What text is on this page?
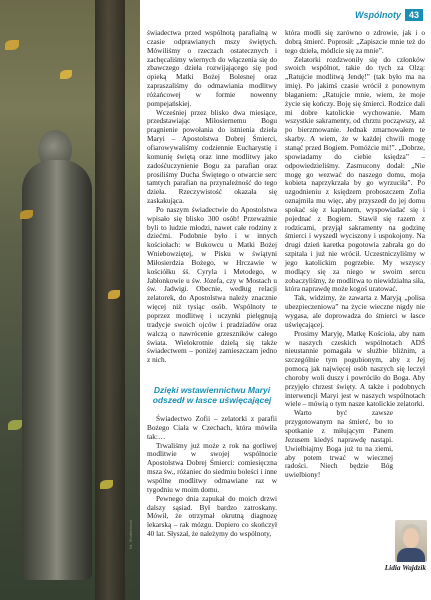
fot. Shutterstock
Wspólnoty 43

świadectwa przed wspólnotą parafialną w czasie odprawianych mszy świętych. Mówiliśmy o rzeczach ostatecznych i zachęcaliśmy wiernych do włączenia się do zbawczego dzieła rozwijającego się pod opieką Matki Bożej Bolesnej oraz zapraszaliśmy do odmawiania modlitwy różańcowej w formie nowenny pompejańskiej.

Wcześniej przez blisko dwa miesiące, przedstawiając Miłosiernemu Bogu pragnienie powołania do istnienia dzieła Maryi – Apostolstwa Dobrej Śmierci, ofiarowywaliśmy codziennie Eucharystię i komunię świętą oraz inne modlitwy jako zadośćuczynienie Bogu za parafian oraz prosiliśmy Ducha Świętego o otwarcie serc tamtych parafian na przynależność do tego dzieła. Rzeczywistość okazała się zaskakująca.

Po naszym świadectwie do Apostolstwa wpisało się blisko 300 osób! Przeważnie byli to ludzie młodzi, nawet całe rodziny z dziećmi. Podobnie było i w innych kościołach: w Bukowcu u Matki Bożej Wniebowziętej, w Pisku w świątyni Miłosierdzia Bożego, w Hrczawie w kościółku śś. Cyryla i Metodego, w Jabłonkowie u św. Józefa, czy w Mostach u św. Jadwigi. Obecnie, według relacji zelatorek, do Apostolstwa należy znacznie więcej niż tysiąc osób. Wspólnoty te poprzez modlitwę i uczynki pielęgnują tradycje swoich ojców i pradziadów oraz walczą o nawrócenie grzeszników całego świata. Wielokrotnie dzielą się także świadectwem – poniżej zamieszczam jedno z nich.

Dzięki wstawiennictwu Maryi odszedł w łasce uświęcającej

Świadectwo Zofii – zelatorki z parafii Bożego Ciała w Czechach, która mówiła tak:…

Trwaliśmy już może z rok na gorliwej modlitwie w swojej wspólnocie Apostolstwa Dobrej Śmierci: comiesięczna msza św., różaniec do siedmiu boleści i inne wspólne modlitwy odmawiane raz w tygodniu w moim domu.

Pewnego dnia zapukał do moich drzwi dalszy sąsiad. Był bardzo zatroskany. Mówił, że otrzymał okrutną diagnozę lekarską – rak mózgu. Dopiero co skończył 40 lat. Słyszał, że należymy do wspólnoty,

która modli się zarówno o zdrowie, jak i o dobrą śmierć. Poprosił: „Zapiszcie mnie też do tego dzieła, módlcie się za mnie”.

Zelatorki rozdzwoniły się do członków swoich wspólnot, takie do tych za Olzą: „Ratujcie modlitwą Jendę!” (tak było ma na imię). Po jakimś czasie wrócił z ponownym błaganiem: „Ratujcie mnie, wiem, że moje życie się kończy. Boję się śmierci. Rodzice dali mi dobre katolickie wychowanie. Mam wszystkie sakramenty, od chrztu począwszy, aż po bierzmowanie. Jednak zmarnowałem te skarby. A wiem, że w każdej chwili mogę stanąć przed Bogiem. Pomóżcie mi!”. „Dobrze, spowiadamy do ciebie księdza” – odpowiedzieliśmy. Zasmucony dodał: „Nie mogę go wezwać do naszego domu, moja kobieta naprzykrzała by go wyrzuciła”. Po uzgodnieniu z księdzem proboszczem Zofia oznajmiła mu więc, aby przyszedł do jej domu spokać się z kapłanem, wyspowiadać się i pojednać z Bogiem. Stawił się razem z rodzicami, przyjął sakramenty na godzinę śmierci i wyszedł wyciszony i uspokojony. Na drugi dzień karetka pogotowia zabrała go do szpitala i już nie wrócił. Uczestniczyliśmy w jego katolickim pogrzebie. My wszyscy modlący się za niego w swoim sercu zobaczyliśmy, że modlitwa to niewidzialna siła, która naprawdę może kogoś uratować.

Tak, widzimy, że zawarta z Maryją „polisa ubezpieczeniowa” na życie wieczne nigdy nie wygasa, ale doprowadza do śmierci w łasce uświęcającej.

Prosimy Maryję, Matkę Kościoła, aby nam w naszych czeskich wspólnotach ADŚ nieustannie pomagała w służbie bliźnim, a szczególnie tym pogubionym, aby z Jej pomocą jak najwięcej osób naszych się leczył choroby woli duszy i powróciło do Boga. Aby przyjęło chrzest święty. A także i podobnych interwencji Maryi jest w naszych wspólnotach wiele – mówią o tym nasze katolickie zelatorki.

Warto być zawsze przygotowanym na śmierć, bo to spotkanie z miłującym Panem Jezusem kiedyś naprawdę nastąpi. Uwielbiajmy Boga już tu na ziemi, aby potem trwać w wiecznej radości. Niech będzie Bóg uwielbiony!

Lidia Wajdzik
